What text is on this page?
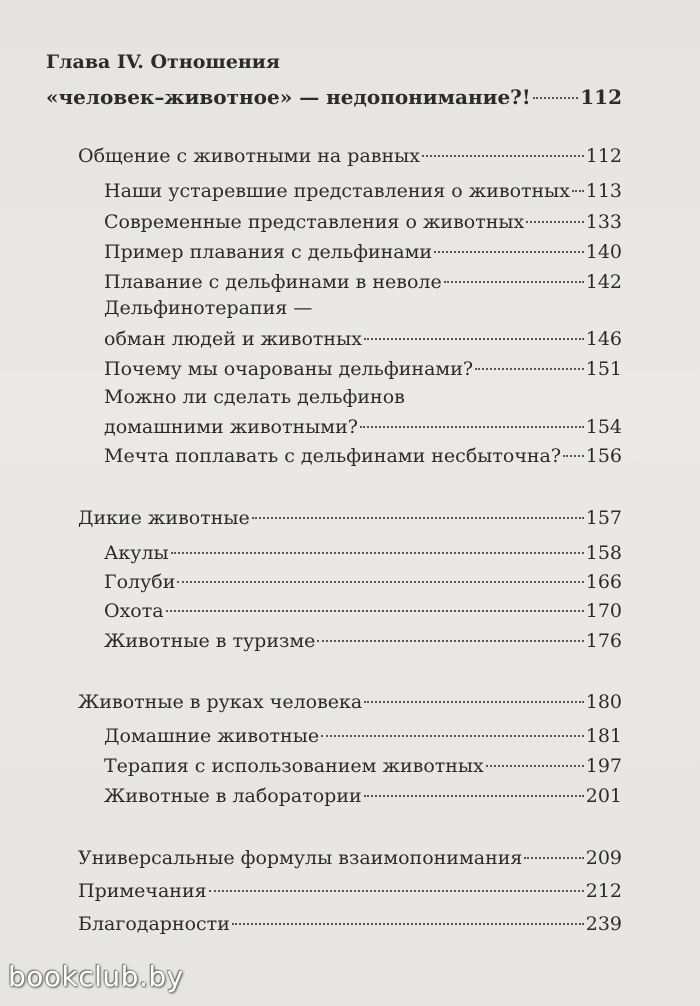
Глава IV. Отношения
«человек–животное» — недопонимание?! 112
Общение с животными на равных	112
Наши устаревшие представления о животных 113
Современные представления о животных	133
Пример плавания с дельфинами	140
Плавание с дельфинами в неволе	142
Дельфинотерапия —
обман людей и животных	146
Почему мы очарованы дельфинами?	151
Можно ли сделать дельфинов
домашними животными?	154
Мечта поплавать с дельфинами несбыточна? 156
Дикие животные	157
Акулы	158
Голуби	166
Охота	170
Животные в туризме	176
Животные в руках человека	180
Домашние животные	181
Терапия с использованием животных	197
Животные в лаборатории	201
Универсальные формулы взаимопонимания	209
Примечания	212
Благодарности	239
bookclub.by
